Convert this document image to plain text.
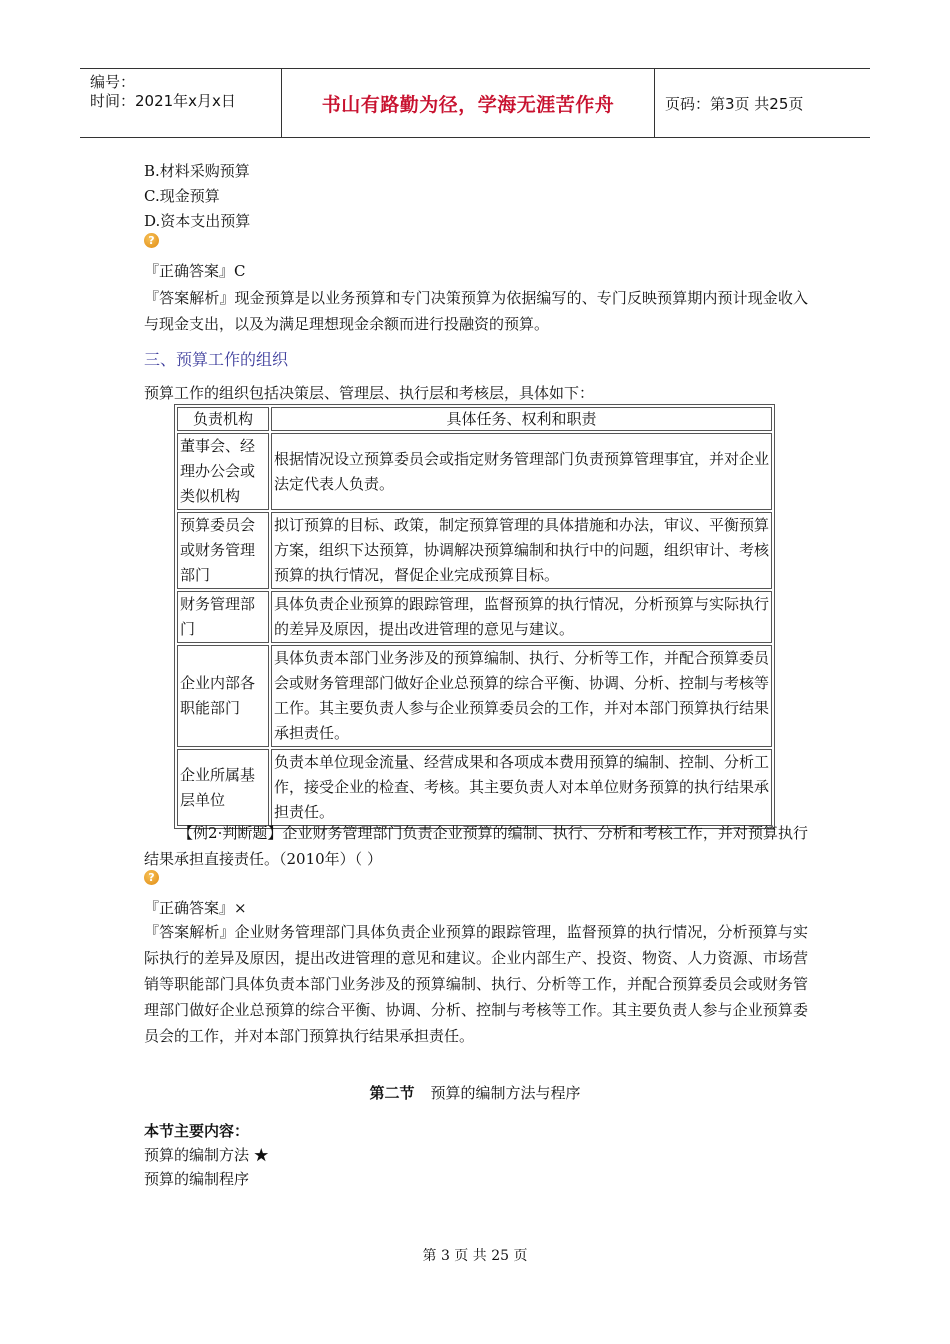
编号：
时间：2021年x月x日	书山有路勤为径，学海无涯苦作舟	页码：第3页 共25页
B.材料采购预算
C.现金预算
D.资本支出预算
?
『正确答案』C
『答案解析』现金预算是以业务预算和专门决策预算为依据编写的、专门反映预算期内预计现金收入与现金支出，以及为满足理想现金余额而进行投融资的预算。
三、预算工作的组织
预算工作的组织包括决策层、管理层、执行层和考核层，具体如下：
负责机构	具体任务、权利和职责
董事会、经理办公会或类似机构	根据情况设立预算委员会或指定财务管理部门负责预算管理事宜，并对企业法定代表人负责。
预算委员会或财务管理部门	拟订预算的目标、政策，制定预算管理的具体措施和办法，审议、平衡预算方案，组织下达预算，协调解决预算编制和执行中的问题，组织审计、考核预算的执行情况，督促企业完成预算目标。
财务管理部门	具体负责企业预算的跟踪管理，监督预算的执行情况，分析预算与实际执行的差异及原因，提出改进管理的意见与建议。
企业内部各职能部门	具体负责本部门业务涉及的预算编制、执行、分析等工作，并配合预算委员会或财务管理部门做好企业总预算的综合平衡、协调、分析、控制与考核等工作。其主要负责人参与企业预算委员会的工作，并对本部门预算执行结果承担责任。
企业所属基层单位	负责本单位现金流量、经营成果和各项成本费用预算的编制、控制、分析工作，接受企业的检查、考核。其主要负责人对本单位财务预算的执行结果承担责任。
【例2·判断题】企业财务管理部门负责企业预算的编制、执行、分析和考核工作，并对预算执行结果承担直接责任。（2010年）（ ）
?
『正确答案』×
『答案解析』企业财务管理部门具体负责企业预算的跟踪管理，监督预算的执行情况，分析预算与实际执行的差异及原因，提出改进管理的意见和建议。企业内部生产、投资、物资、人力资源、市场营销等职能部门具体负责本部门业务涉及的预算编制、执行、分析等工作，并配合预算委员会或财务管理部门做好企业总预算的综合平衡、协调、分析、控制与考核等工作。其主要负责人参与企业预算委员会的工作，并对本部门预算执行结果承担责任。
第二节 预算的编制方法与程序
本节主要内容：
预算的编制方法 ★
预算的编制程序
第 3 页 共 25 页
